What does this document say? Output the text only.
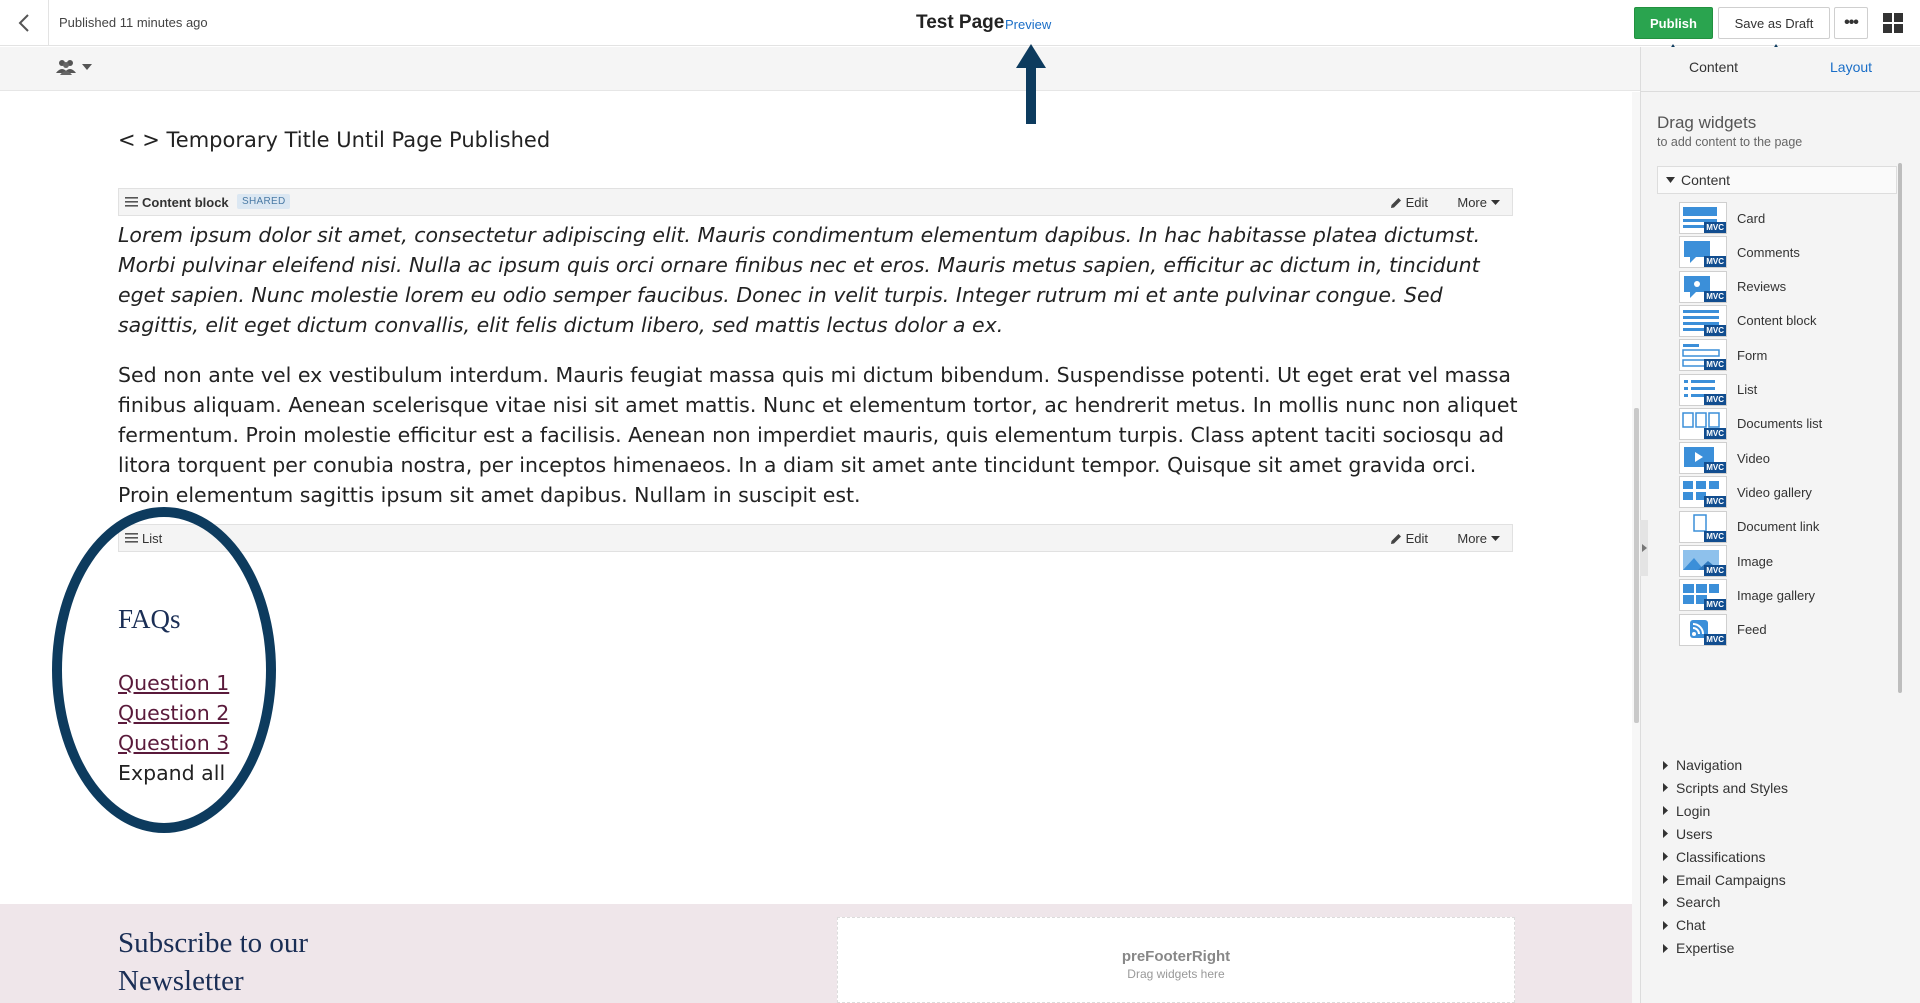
Published 11 minutes ago	Test Page Preview	Publish	Save as Draft	•••
< > Temporary Title Until Page Published
Content block	SHARED	Edit More

Lorem ipsum dolor sit amet, consectetur adipiscing elit. Mauris condimentum elementum dapibus. In hac habitasse platea dictumst. Morbi pulvinar eleifend nisi. Nulla ac ipsum quis orci ornare finibus nec et eros. Mauris metus sapien, efficitur ac dictum in, tincidunt eget sapien. Nunc molestie lorem eu odio semper faucibus. Donec in velit turpis. Integer rutrum mi et ante pulvinar congue. Sed sagittis, elit eget dictum convallis, elit felis dictum libero, sed mattis lectus dolor a ex.

Sed non ante vel ex vestibulum interdum. Mauris feugiat massa quis mi dictum bibendum. Suspendisse potenti. Ut eget erat vel massa finibus aliquam. Aenean scelerisque vitae nisi sit amet mattis. Nunc et elementum tortor, ac hendrerit metus. In mollis nunc non aliquet fermentum. Proin molestie efficitur est a facilisis. Aenean non imperdiet mauris, quis elementum turpis. Class aptent taciti sociosqu ad litora torquent per conubia nostra, per inceptos himenaeos. In a diam sit amet ante tincidunt tempor. Quisque sit amet gravida orci. Proin elementum sagittis ipsum sit amet dapibus. Nullam in suscipit est.

List	Edit More
FAQs
Question 1
Question 2
Question 3
Expand all
Subscribe to our Newsletter
preFooterRight
Drag widgets here
Content	Layout
Drag widgets
to add content to the page
Content
MVC
Card
MVC
Comments
MVC
Reviews
MVC
Content block
MVC
Form
MVC
List
MVC
Documents list
MVC
Video
MVC
Video gallery
MVC
Document link
MVC
Image
MVC
Image gallery
MVC
Feed
Navigation
Scripts and Styles
Login
Users
Classifications
Email Campaigns
Search
Chat
Expertise
